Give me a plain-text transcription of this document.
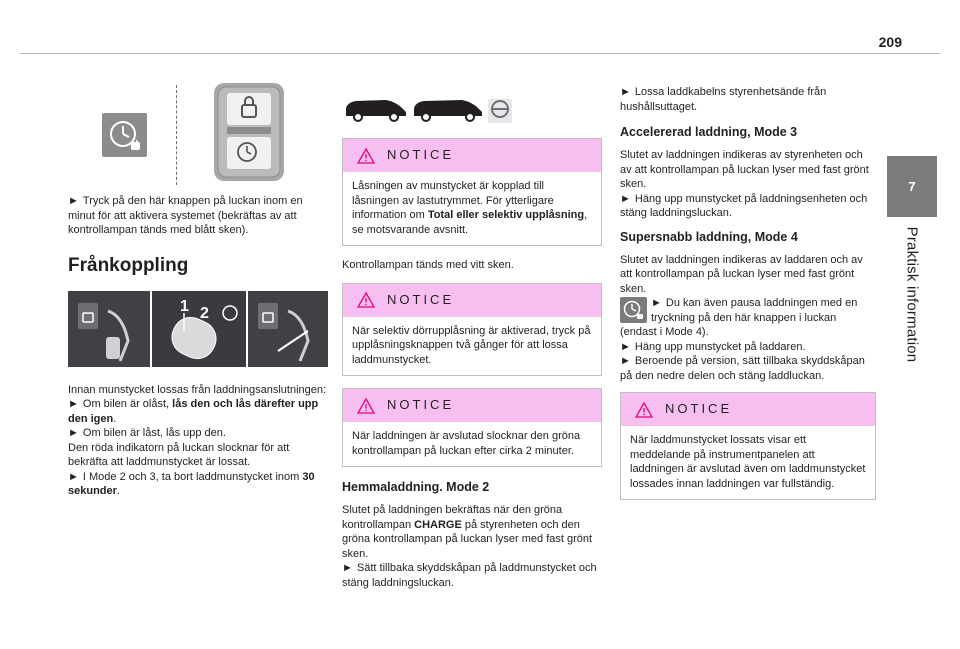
209
7
Praktisk information

► Tryck på den här knappen på luckan inom en minut för att aktivera systemet (bekräftas av att kontrollampan tänds med blått sken).

Frånkoppling
1 2

Innan munstycket lossas från laddningsanslutningen:

► Om bilen är olåst, lås den och lås därefter upp den igen.

► Om bilen är låst, lås upp den.

Den röda indikatorn på luckan slocknar för att bekräfta att laddmunstycket är lossat.

► I Mode 2 och 3, ta bort laddmunstycket inom 30 sekunder.

NOTICE
Låsningen av munstycket är kopplad till låsningen av lastutrymmet. För ytterligare information om Total eller selektiv upplåsning, se motsvarande avsnitt.

Kontrollampan tänds med vitt sken.

NOTICE
När selektiv dörrupplåsning är aktiverad, tryck på upplåsningsknappen två gånger för att lossa laddmunstycket.
NOTICE
När laddningen är avslutad slocknar den gröna kontrollampan på luckan efter cirka 2 minuter.
Hemmaladdning. Mode 2

Slutet på laddningen bekräftas när den gröna kontrollampan CHARGE på styrenheten och den gröna kontrollampan på luckan lyser med fast grönt sken.

► Sätt tillbaka skyddskåpan på laddmunstycket och stäng laddningsluckan.

► Lossa laddkabelns styrenhetsände från hushållsuttaget.

Accelererad laddning, Mode 3

Slutet av laddningen indikeras av styrenheten och av att kontrollampan på luckan lyser med fast grönt sken.

► Häng upp munstycket på laddningsenheten och stäng laddningsluckan.

Supersnabb laddning, Mode 4

Slutet av laddningen indikeras av laddaren och av att kontrollampan på luckan lyser med fast grönt sken.

► Du kan även pausa laddningen med en tryckning på den här knappen i luckan (endast i Mode 4).

► Häng upp munstycket på laddaren.

► Beroende på version, sätt tillbaka skyddskåpan på den nedre delen och stäng laddluckan.

NOTICE
När laddmunstycket lossats visar ett meddelande på instrumentpanelen att laddningen är avslutad även om laddmunstycket lossades innan laddningen var fullständig.
